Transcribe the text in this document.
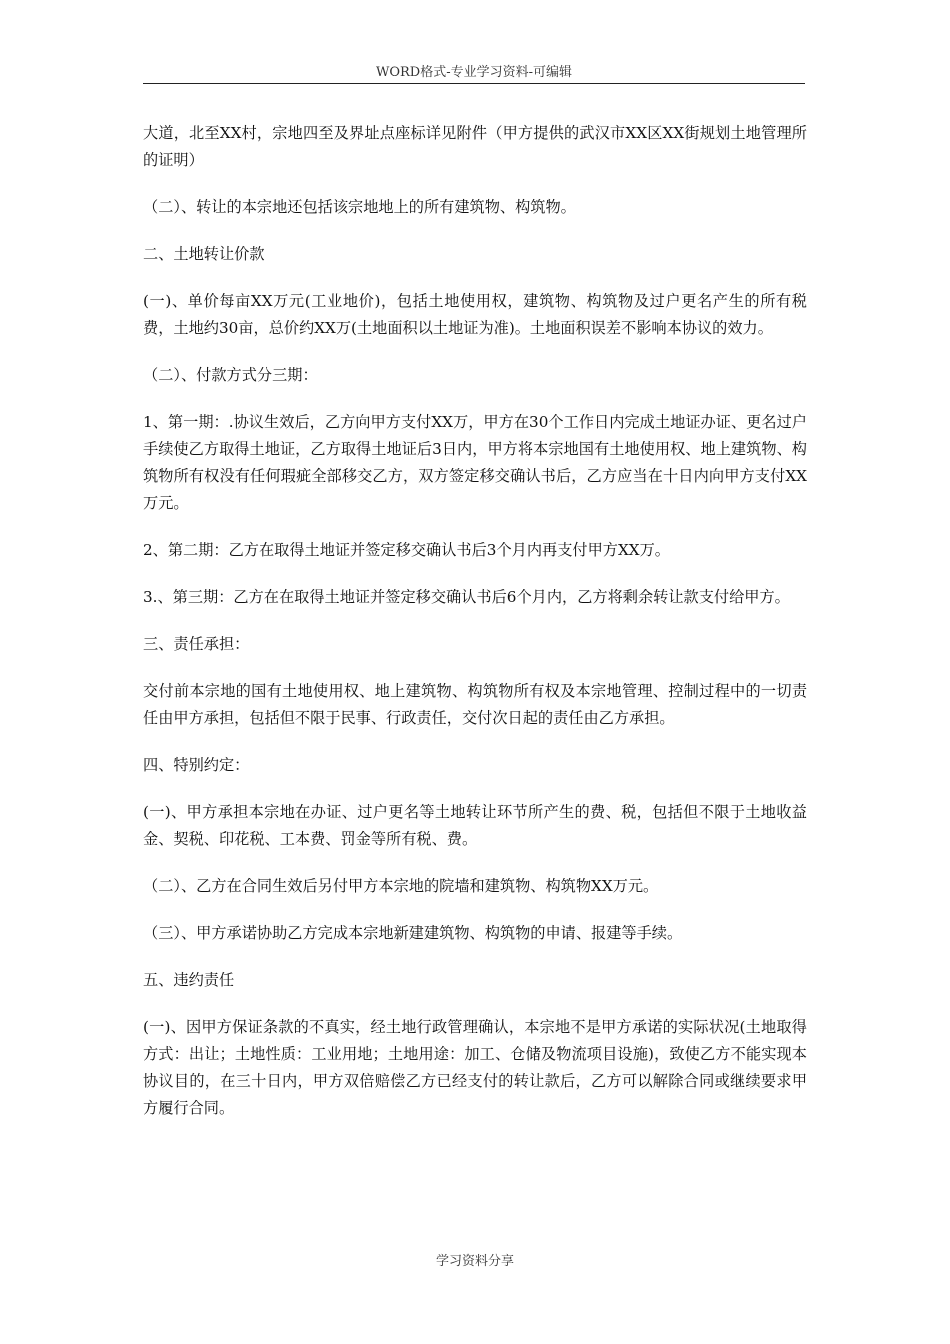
WORD格式-专业学习资料-可编辑

大道，北至XX村，宗地四至及界址点座标详见附件（甲方提供的武汉市XX区XX街规划土地管理所的证明）

（二）、转让的本宗地还包括该宗地地上的所有建筑物、构筑物。

二、土地转让价款

(一)、单价每亩XX万元(工业地价)，包括土地使用权，建筑物、构筑物及过户更名产生的所有税费，土地约30亩，总价约XX万(土地面积以土地证为准)。土地面积误差不影响本协议的效力。

（二）、付款方式分三期：

1、第一期：.协议生效后，乙方向甲方支付XX万，甲方在30个工作日内完成土地证办证、更名过户手续使乙方取得土地证，乙方取得土地证后3日内，甲方将本宗地国有土地使用权、地上建筑物、构筑物所有权没有任何瑕疵全部移交乙方，双方签定移交确认书后，乙方应当在十日内向甲方支付XX万元。

2、第二期：乙方在取得土地证并签定移交确认书后3个月内再支付甲方XX万。

3.、第三期：乙方在在取得土地证并签定移交确认书后6个月内，乙方将剩余转让款支付给甲方。

三、责任承担：

交付前本宗地的国有土地使用权、地上建筑物、构筑物所有权及本宗地管理、控制过程中的一切责任由甲方承担，包括但不限于民事、行政责任，交付次日起的责任由乙方承担。

四、特别约定：

(一)、甲方承担本宗地在办证、过户更名等土地转让环节所产生的费、税，包括但不限于土地收益金、契税、印花税、工本费、罚金等所有税、费。

（二）、乙方在合同生效后另付甲方本宗地的院墙和建筑物、构筑物XX万元。

（三）、甲方承诺协助乙方完成本宗地新建建筑物、构筑物的申请、报建等手续。

五、违约责任

(一)、因甲方保证条款的不真实，经土地行政管理确认，本宗地不是甲方承诺的实际状况(土地取得方式：出让；土地性质：工业用地；土地用途：加工、仓储及物流项目设施)，致使乙方不能实现本协议目的，在三十日内，甲方双倍赔偿乙方已经支付的转让款后，乙方可以解除合同或继续要求甲方履行合同。

学习资料分享
